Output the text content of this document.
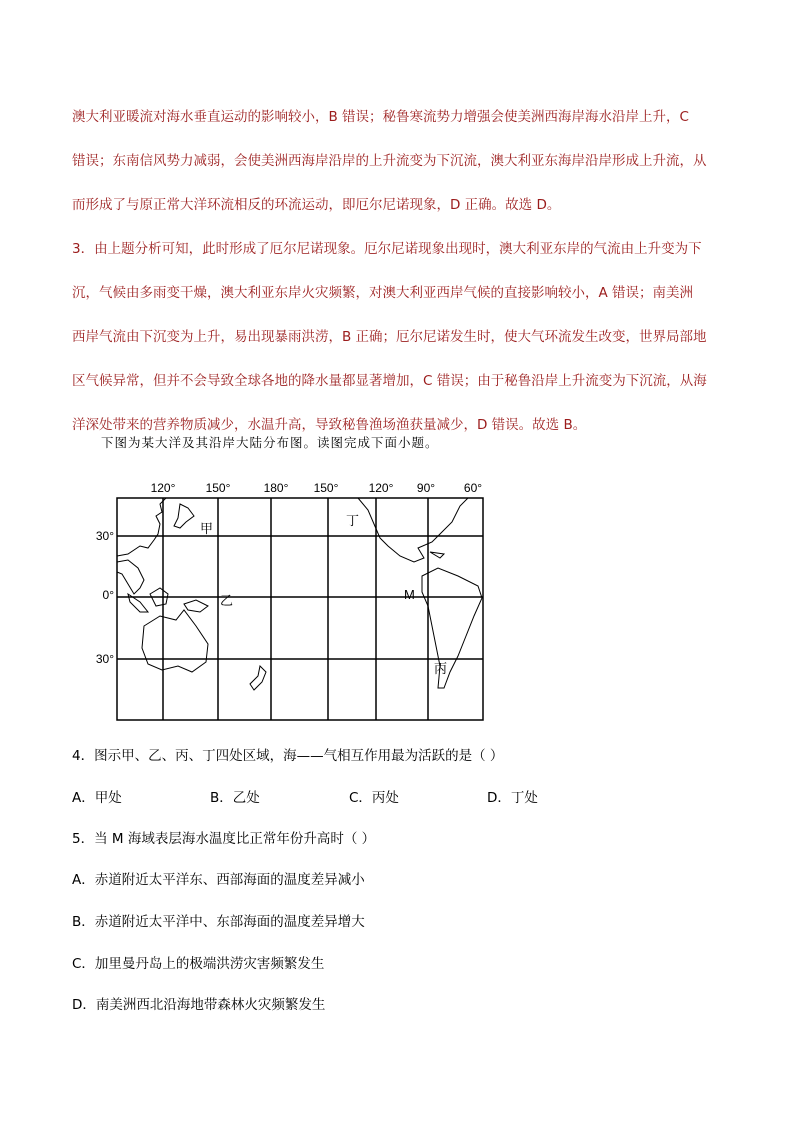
澳大利亚暖流对海水垂直运动的影响较小，B 错误；秘鲁寒流势力增强会使美洲西海岸海水沿岸上升，C

错误；东南信风势力减弱，会使美洲西海岸沿岸的上升流变为下沉流，澳大利亚东海岸沿岸形成上升流，从

而形成了与原正常大洋环流相反的环流运动，即厄尔尼诺现象，D 正确。故选 D。

3．由上题分析可知，此时形成了厄尔尼诺现象。厄尔尼诺现象出现时，澳大利亚东岸的气流由上升变为下

沉，气候由多雨变干燥，澳大利亚东岸火灾频繁，对澳大利亚西岸气候的直接影响较小，A 错误；南美洲

西岸气流由下沉变为上升，易出现暴雨洪涝，B 正确；厄尔尼诺发生时，使大气环流发生改变，世界局部地

区气候异常，但并不会导致全球各地的降水量都显著增加，C 错误；由于秘鲁沿岸上升流变为下沉流，从海

洋深处带来的营养物质减少，水温升高，导致秘鲁渔场渔获量减少，D 错误。故选 B。

下图为某大洋及其沿岸大陆分布图。读图完成下面小题。
120°	150°	180° 150°	120° 90° 60°
30°
0°
30°
甲
乙
丙
丁
M
4．图示甲、乙、丙、丁四处区域，海——气相互作用最为活跃的是（ ）
A．甲处	B．乙处	C．丙处	D．丁处
5．当 M 海域表层海水温度比正常年份升高时（ ）
A．赤道附近太平洋东、西部海面的温度差异减小
B．赤道附近太平洋中、东部海面的温度差异增大
C．加里曼丹岛上的极端洪涝灾害频繁发生
D．南美洲西北沿海地带森林火灾频繁发生
